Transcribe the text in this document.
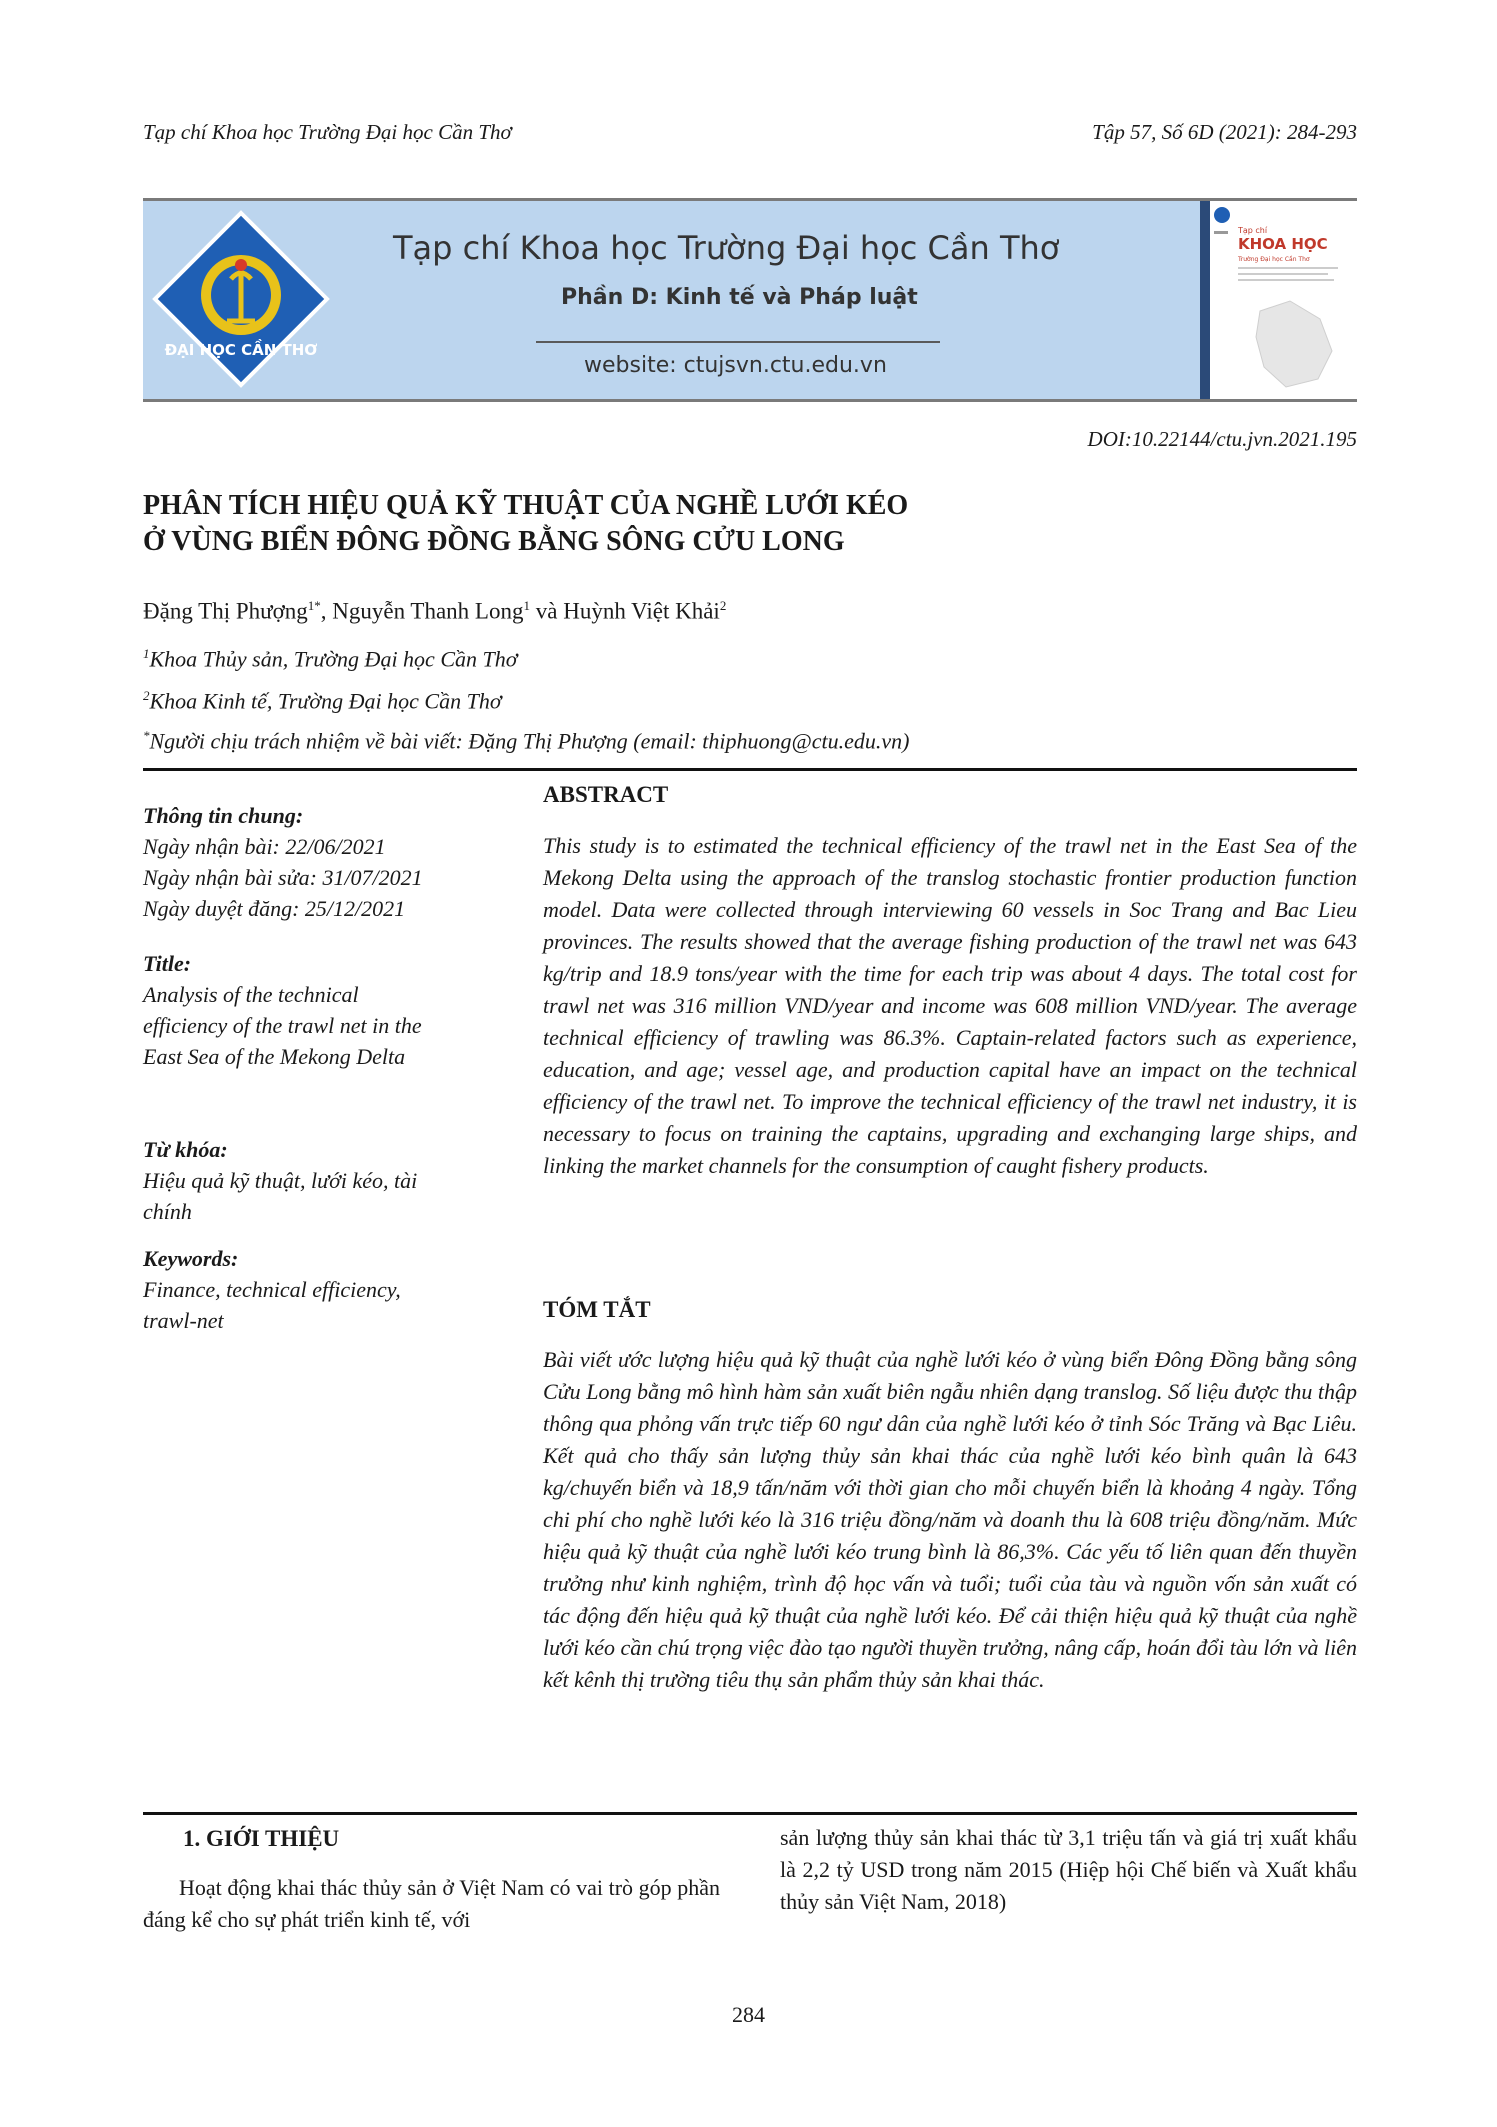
Tạp chí Khoa học Trường Đại học Cần Thơ	Tập 57, Số 6D (2021): 284-293
ĐẠI HỌC CẦN THƠ
Tạp chí Khoa học Trường Đại học Cần Thơ
Phần D: Kinh tế và Pháp luật
website: ctujsvn.ctu.edu.vn
Tạp chí
KHOA HỌC
Trường Đại học Cần Thơ
DOI:10.22144/ctu.jvn.2021.195
PHÂN TÍCH HIỆU QUẢ KỸ THUẬT CỦA NGHỀ LƯỚI KÉO
Ở VÙNG BIỂN ĐÔNG ĐỒNG BẰNG SÔNG CỬU LONG
Đặng Thị Phượng$^{1*}$, Nguyễn Thanh Long$^1$ và Huỳnh Việt Khải$^2$
$^1$Khoa Thủy sản, Trường Đại học Cần Thơ
$^2$Khoa Kinh tế, Trường Đại học Cần Thơ
*Người chịu trách nhiệm về bài viết: Đặng Thị Phượng (email: thiphuong@ctu.edu.vn)
Thông tin chung:
Ngày nhận bài: 22/06/2021
Ngày nhận bài sửa: 31/07/2021
Ngày duyệt đăng: 25/12/2021
Title:
Analysis of the technical
efficiency of the trawl net in the
East Sea of the Mekong Delta
Từ khóa:
Hiệu quả kỹ thuật, lưới kéo, tài
chính
Keywords:
Finance, technical efficiency,
trawl-net
ABSTRACT
This study is to estimated the technical efficiency of the trawl net in the East Sea of the Mekong Delta using the approach of the translog stochastic frontier production function model. Data were collected through interviewing 60 vessels in Soc Trang and Bac Lieu provinces. The results showed that the average fishing production of the trawl net was 643 kg/trip and 18.9 tons/year with the time for each trip was about 4 days. The total cost for trawl net was 316 million VND/year and income was 608 million VND/year. The average technical efficiency of trawling was 86.3%. Captain-related factors such as experience, education, and age; vessel age, and production capital have an impact on the technical efficiency of the trawl net. To improve the technical efficiency of the trawl net industry, it is necessary to focus on training the captains, upgrading and exchanging large ships, and linking the market channels for the consumption of caught fishery products.
TÓM TẮT
Bài viết ước lượng hiệu quả kỹ thuật của nghề lưới kéo ở vùng biển Đông Đồng bằng sông Cửu Long bằng mô hình hàm sản xuất biên ngẫu nhiên dạng translog. Số liệu được thu thập thông qua phỏng vấn trực tiếp 60 ngư dân của nghề lưới kéo ở tỉnh Sóc Trăng và Bạc Liêu. Kết quả cho thấy sản lượng thủy sản khai thác của nghề lưới kéo bình quân là 643 kg/chuyến biển và 18,9 tấn/năm với thời gian cho mỗi chuyến biển là khoảng 4 ngày. Tổng chi phí cho nghề lưới kéo là 316 triệu đồng/năm và doanh thu là 608 triệu đồng/năm. Mức hiệu quả kỹ thuật của nghề lưới kéo trung bình là 86,3%. Các yếu tố liên quan đến thuyền trưởng như kinh nghiệm, trình độ học vấn và tuổi; tuổi của tàu và nguồn vốn sản xuất có tác động đến hiệu quả kỹ thuật của nghề lưới kéo. Để cải thiện hiệu quả kỹ thuật của nghề lưới kéo cần chú trọng việc đào tạo người thuyền trưởng, nâng cấp, hoán đổi tàu lớn và liên kết kênh thị trường tiêu thụ sản phẩm thủy sản khai thác.
1. GIỚI THIỆU
Hoạt động khai thác thủy sản ở Việt Nam có vai trò góp phần đáng kể cho sự phát triển kinh tế, với
sản lượng thủy sản khai thác từ 3,1 triệu tấn và giá trị xuất khẩu là 2,2 tỷ USD trong năm 2015 (Hiệp hội Chế biến và Xuất khẩu thủy sản Việt Nam, 2018)
284
